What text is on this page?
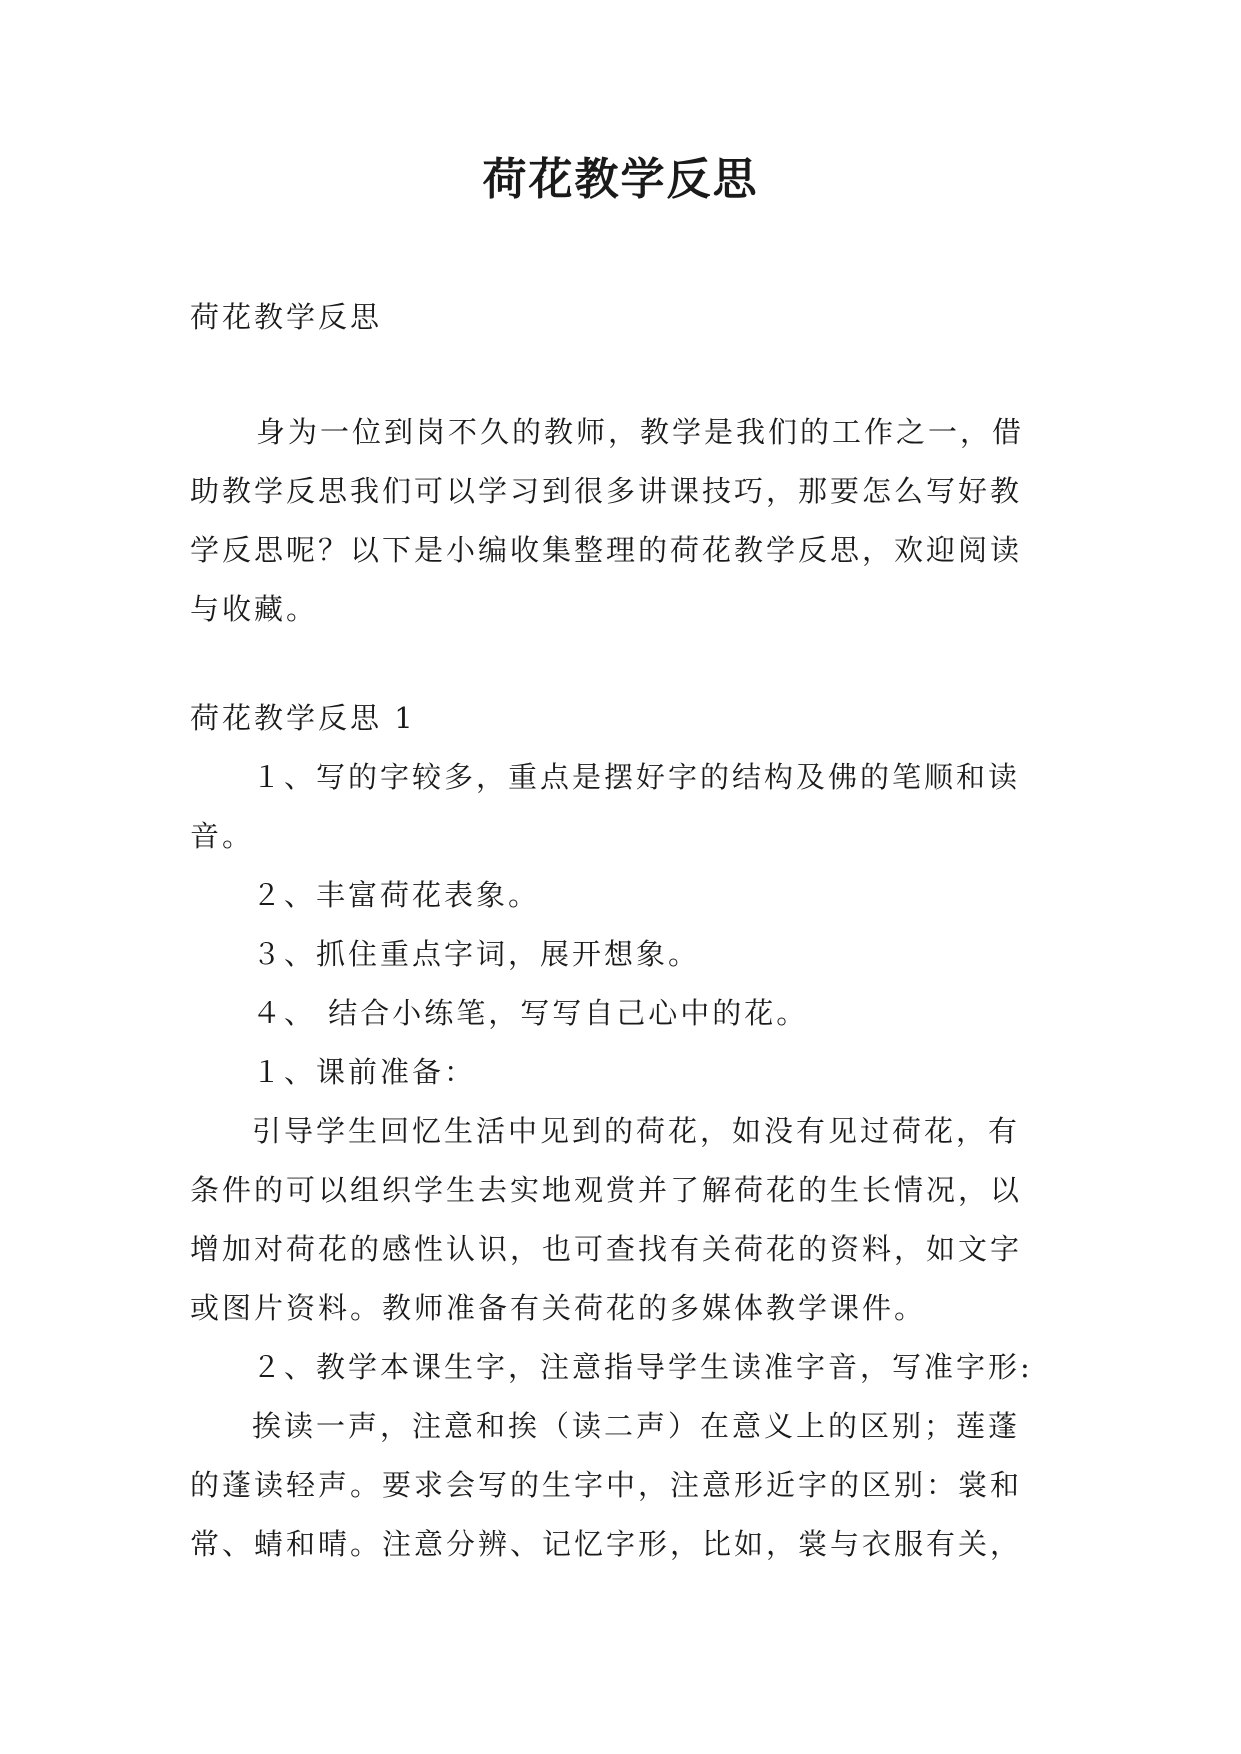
荷花教学反思
荷花教学反思
身为一位到岗不久的教师，教学是我们的工作之一，借
助教学反思我们可以学习到很多讲课技巧，那要怎么写好教
学反思呢？以下是小编收集整理的荷花教学反思，欢迎阅读
与收藏。
荷花教学反思 1
１、写的字较多，重点是摆好字的结构及佛的笔顺和读
音。
２、丰富荷花表象。
３、抓住重点字词，展开想象。
４、 结合小练笔，写写自己心中的花。
１、课前准备：
引导学生回忆生活中见到的荷花，如没有见过荷花，有
条件的可以组织学生去实地观赏并了解荷花的生长情况，以
增加对荷花的感性认识，也可查找有关荷花的资料，如文字
或图片资料。教师准备有关荷花的多媒体教学课件。
２、教学本课生字，注意指导学生读准字音，写准字形:
挨读一声，注意和挨（读二声）在意义上的区别；莲蓬
的蓬读轻声。要求会写的生字中，注意形近字的区别：裳和
常、蜻和晴。注意分辨、记忆字形，比如，裳与衣服有关，
